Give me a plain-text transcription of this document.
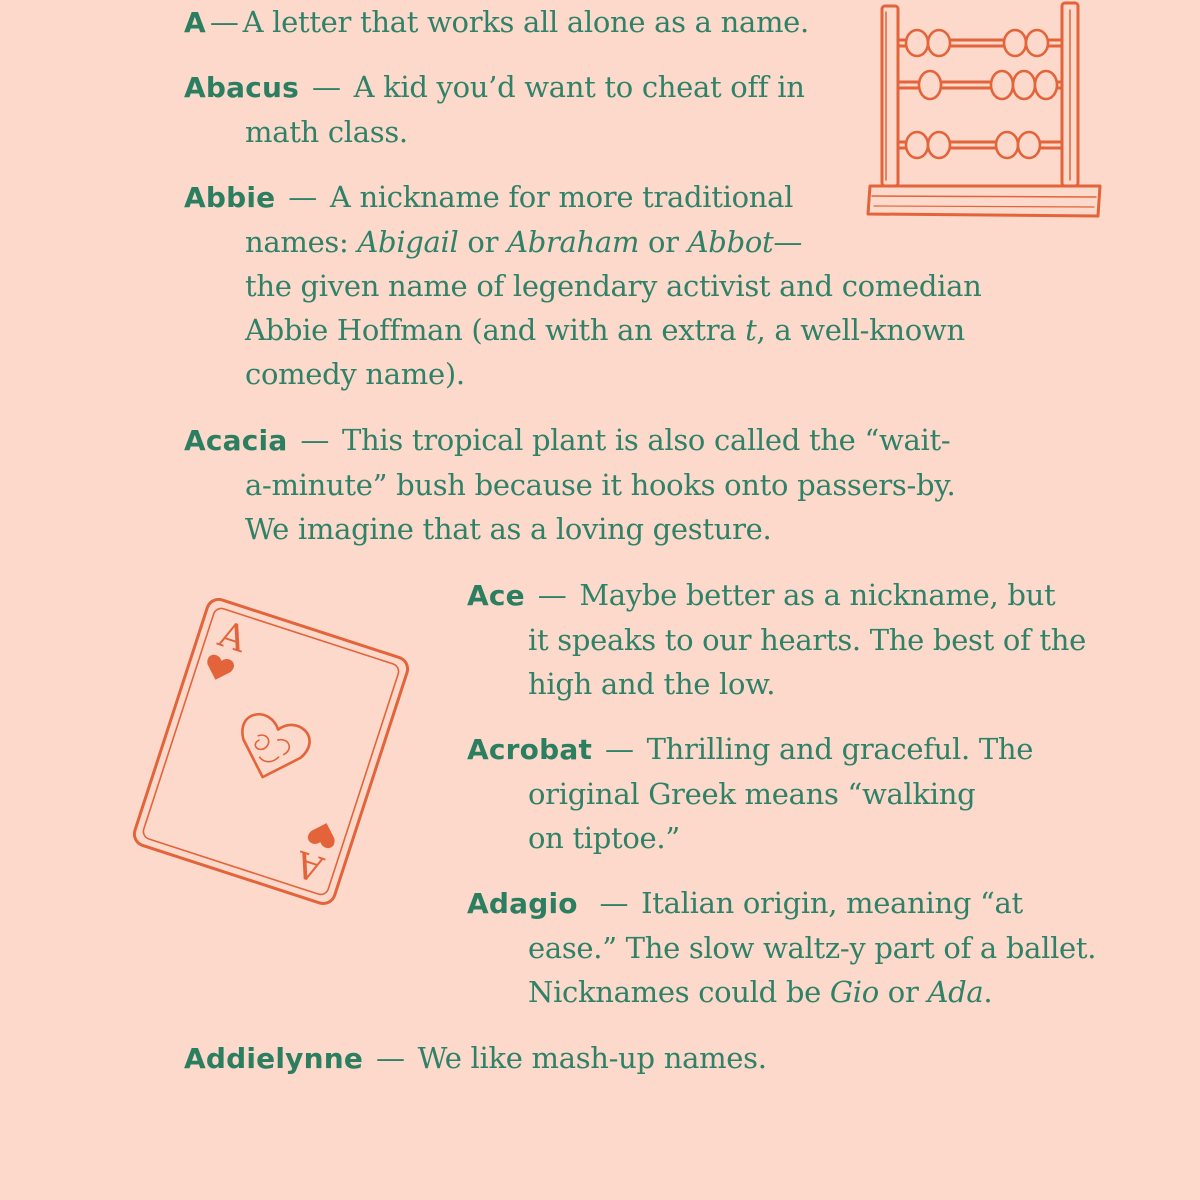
A — A letter that works all alone as a name.
Abacus — A kid you’d want to cheat off in
math class.
Abbie — A nickname for more traditional
names: Abigail or Abraham or Abbot—
the given name of legendary activist and comedian
Abbie Hoffman (and with an extra t, a well-known
comedy name).
Acacia — This tropical plant is also called the “wait-
a-minute” bush because it hooks onto passers-by.
We imagine that as a loving gesture.
Ace — Maybe better as a nickname, but
it speaks to our hearts. The best of the
high and the low.
Acrobat — Thrilling and graceful. The
original Greek means “walking
on tiptoe.”
Adagio — Italian origin, meaning “at
ease.” The slow waltz-y part of a ballet.
Nicknames could be Gio or Ada.
Addielynne — We like mash-up names.
A
A
